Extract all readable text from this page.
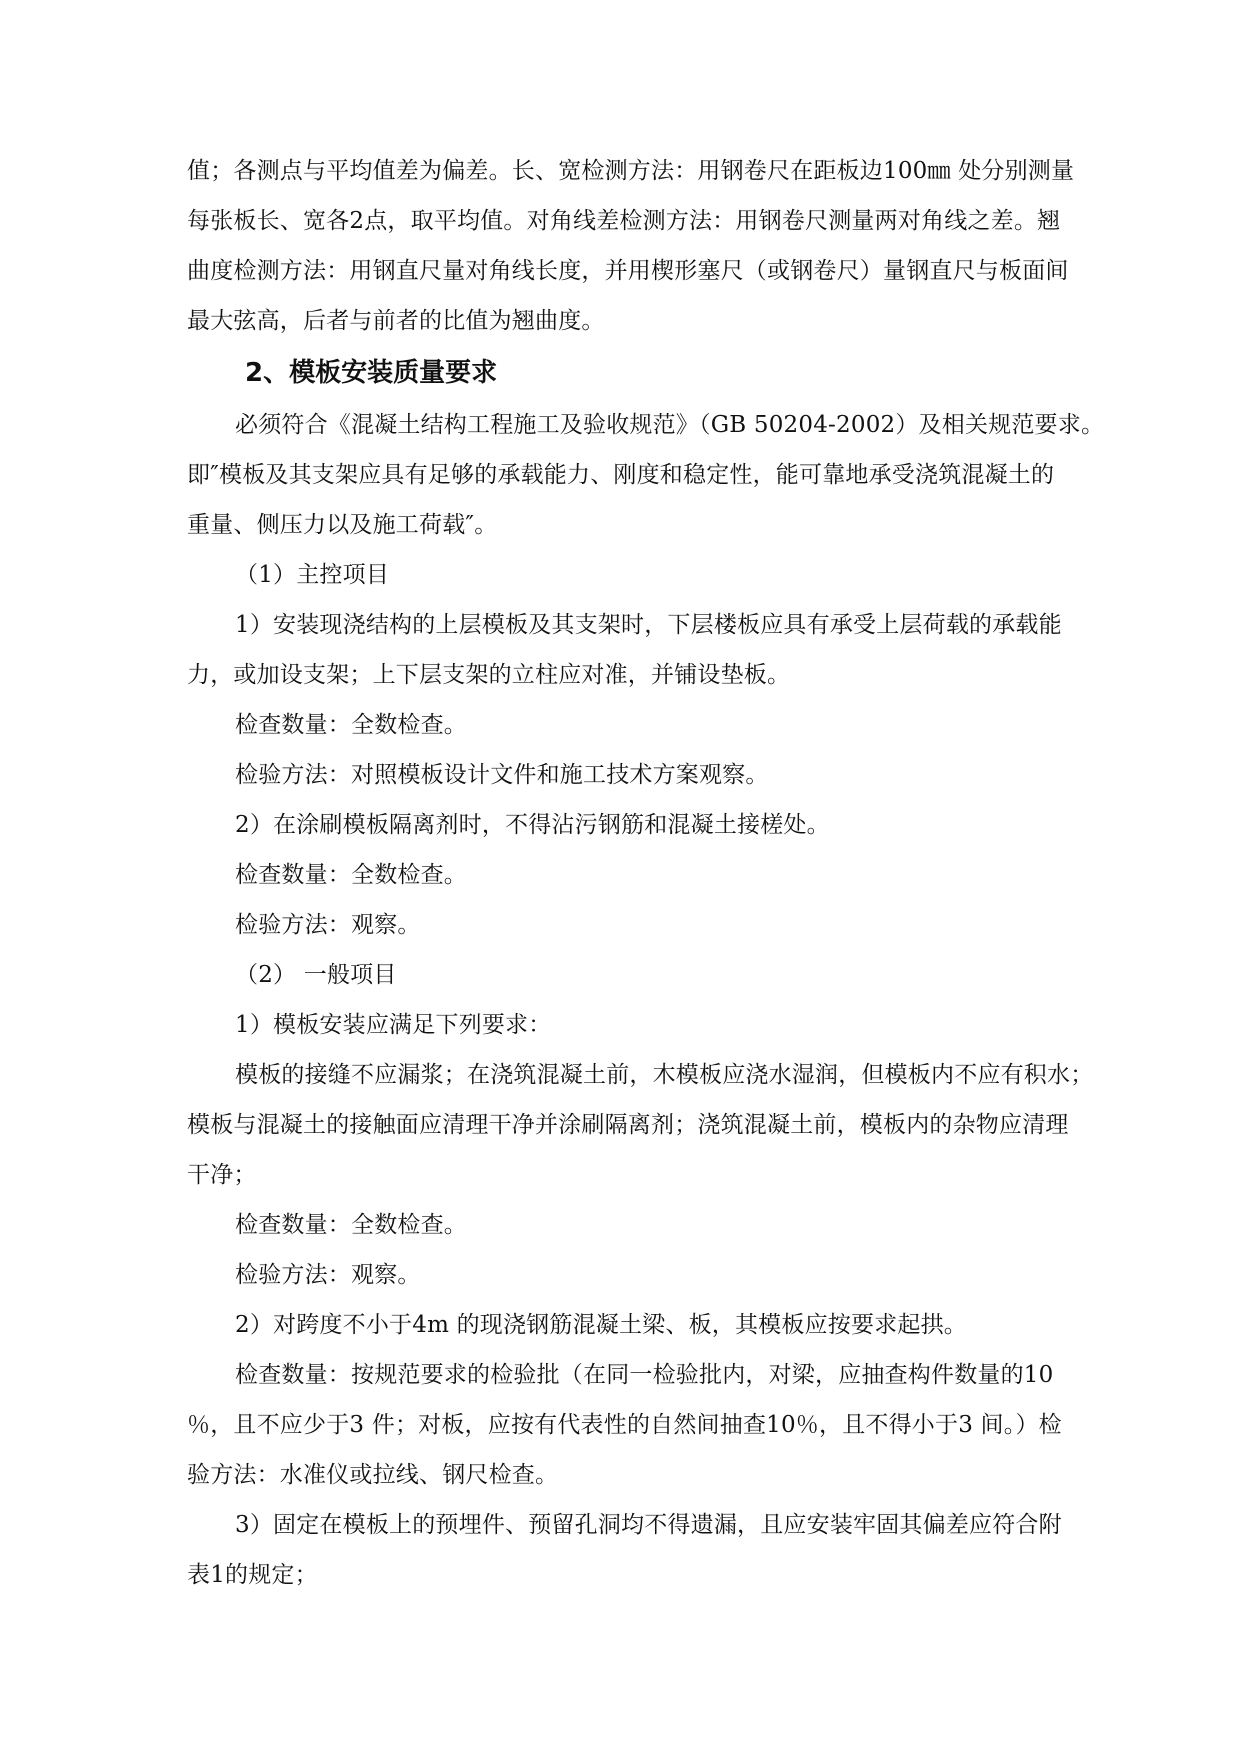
值；各测点与平均值差为偏差。长、宽检测方法：用钢卷尺在距板边100㎜ 处分别测量
每张板长、宽各2点，取平均值。对角线差检测方法：用钢卷尺测量两对角线之差。翘
曲度检测方法：用钢直尺量对角线长度，并用楔形塞尺（或钢卷尺）量钢直尺与板面间
最大弦高，后者与前者的比值为翘曲度。
2、模板安装质量要求
必须符合《混凝土结构工程施工及验收规范》（GB 50204-2002）及相关规范要求。
即″模板及其支架应具有足够的承载能力、刚度和稳定性，能可靠地承受浇筑混凝土的
重量、侧压力以及施工荷载″。
（1）主控项目
1）安装现浇结构的上层模板及其支架时，下层楼板应具有承受上层荷载的承载能
力，或加设支架；上下层支架的立柱应对准，并铺设垫板。
检查数量：全数检查。
检验方法：对照模板设计文件和施工技术方案观察。
2）在涂刷模板隔离剂时，不得沾污钢筋和混凝土接槎处。
检查数量：全数检查。
检验方法：观察。
（2） 一般项目
1）模板安装应满足下列要求：
模板的接缝不应漏浆；在浇筑混凝土前，木模板应浇水湿润，但模板内不应有积水；
模板与混凝土的接触面应清理干净并涂刷隔离剂；浇筑混凝土前，模板内的杂物应清理
干净；
检查数量：全数检查。
检验方法：观察。
2）对跨度不小于4m 的现浇钢筋混凝土梁、板，其模板应按要求起拱。
检查数量：按规范要求的检验批（在同一检验批内，对梁，应抽查构件数量的10
％，且不应少于3 件；对板，应按有代表性的自然间抽查10％，且不得小于3 间。）检
验方法：水准仪或拉线、钢尺检查。
3）固定在模板上的预埋件、预留孔洞均不得遗漏，且应安装牢固其偏差应符合附
表1的规定；
